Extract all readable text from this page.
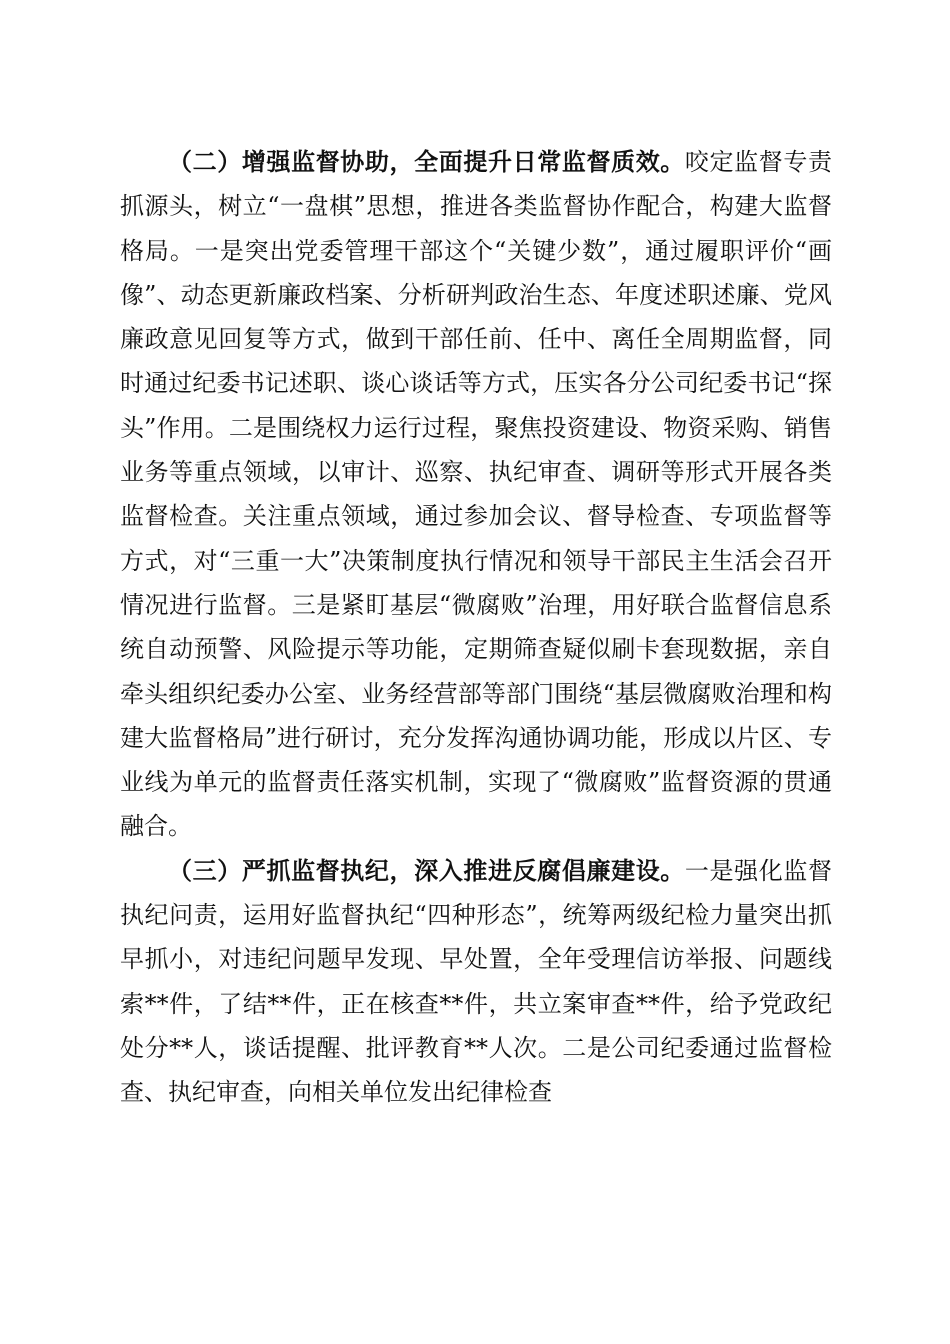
（二）增强监督协助，全面提升日常监督质效。咬定监督专责抓源头，树立“一盘棋”思想，推进各类监督协作配合，构建大监督格局。一是突出党委管理干部这个“关键少数”，通过履职评价“画像”、动态更新廉政档案、分析研判政治生态、年度述职述廉、党风廉政意见回复等方式，做到干部任前、任中、离任全周期监督，同时通过纪委书记述职、谈心谈话等方式，压实各分公司纪委书记“探头”作用。二是围绕权力运行过程，聚焦投资建设、物资采购、销售业务等重点领域，以审计、巡察、执纪审查、调研等形式开展各类监督检查。关注重点领域，通过参加会议、督导检查、专项监督等方式，对“三重一大”决策制度执行情况和领导干部民主生活会召开情况进行监督。三是紧盯基层“微腐败”治理，用好联合监督信息系统自动预警、风险提示等功能，定期筛查疑似刷卡套现数据，亲自牵头组织纪委办公室、业务经营部等部门围绕“基层微腐败治理和构建大监督格局”进行研讨，充分发挥沟通协调功能，形成以片区、专业线为单元的监督责任落实机制，实现了“微腐败”监督资源的贯通融合。

（三）严抓监督执纪，深入推进反腐倡廉建设。一是强化监督执纪问责，运用好监督执纪“四种形态”，统筹两级纪检力量突出抓早抓小，对违纪问题早发现、早处置，全年受理信访举报、问题线索**件，了结**件，正在核查**件，共立案审查**件，给予党政纪处分**人，谈话提醒、批评教育**人次。二是公司纪委通过监督检查、执纪审查，向相关单位发出纪律检查
